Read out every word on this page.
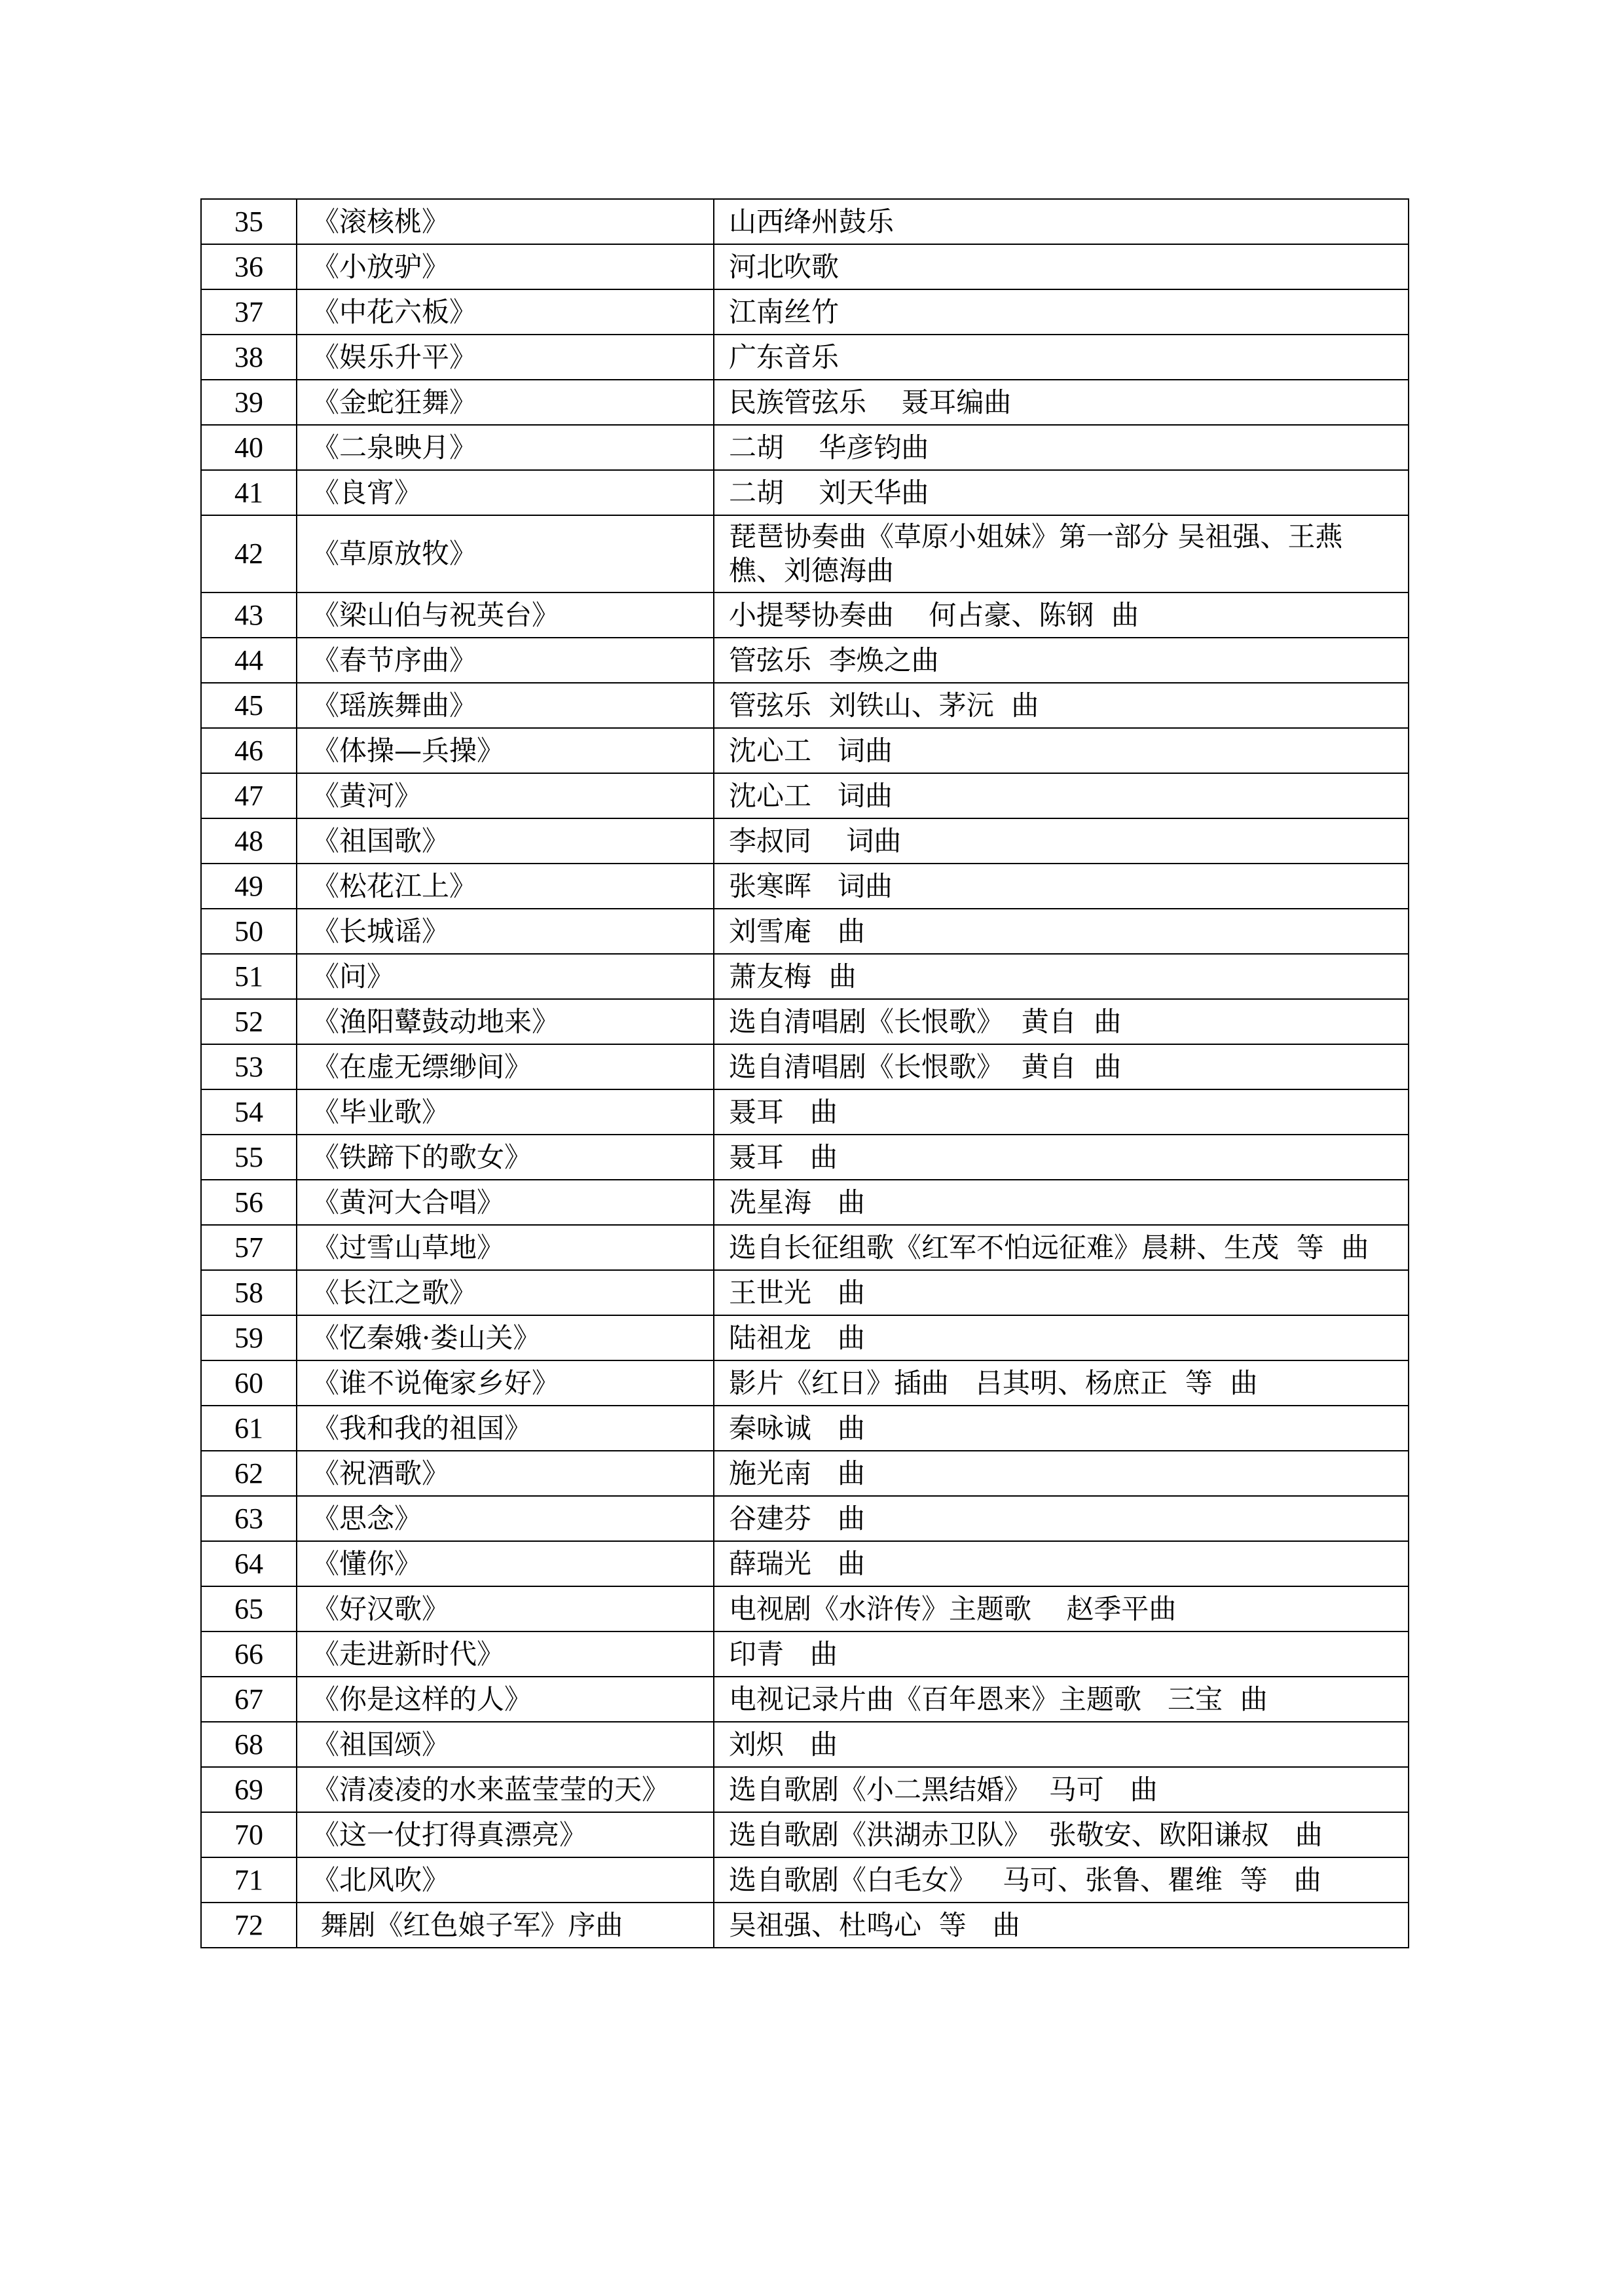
35	《滚核桃》	山西绛州鼓乐
36	《小放驴》	河北吹歌
37	《中花六板》	江南丝竹
38	《娱乐升平》	广东音乐
39	《金蛇狂舞》	民族管弦乐    聂耳编曲
40	《二泉映月》	二胡    华彦钧曲
41	《良宵》	二胡    刘天华曲
42	《草原放牧》	琵琶协奏曲《草原小姐妹》第一部分 吴祖强、王燕樵、刘德海曲
43	《梁山伯与祝英台》	小提琴协奏曲    何占豪、陈钢  曲
44	《春节序曲》	管弦乐  李焕之曲
45	《瑶族舞曲》	管弦乐  刘铁山、茅沅  曲
46	《体操—兵操》	沈心工   词曲
47	《黄河》	沈心工   词曲
48	《祖国歌》	李叔同    词曲
49	《松花江上》	张寒晖   词曲
50	《长城谣》	刘雪庵   曲
51	《问》	萧友梅  曲
52	《渔阳鼙鼓动地来》	选自清唱剧《长恨歌》  黄自  曲
53	《在虚无缥缈间》	选自清唱剧《长恨歌》  黄自  曲
54	《毕业歌》	聂耳   曲
55	《铁蹄下的歌女》	聂耳   曲
56	《黄河大合唱》	冼星海   曲
57	《过雪山草地》	选自长征组歌《红军不怕远征难》晨耕、生茂  等  曲
58	《长江之歌》	王世光   曲
59	《忆秦娥·娄山关》	陆祖龙   曲
60	《谁不说俺家乡好》	影片《红日》插曲   吕其明、杨庶正  等  曲
61	《我和我的祖国》	秦咏诚   曲
62	《祝酒歌》	施光南   曲
63	《思念》	谷建芬   曲
64	《懂你》	薛瑞光   曲
65	《好汉歌》	电视剧《水浒传》主题歌    赵季平曲
66	《走进新时代》	印青   曲
67	《你是这样的人》	电视记录片曲《百年恩来》主题歌   三宝  曲
68	《祖国颂》	刘炽   曲
69	《清凌凌的水来蓝莹莹的天》	选自歌剧《小二黑结婚》  马可   曲
70	《这一仗打得真漂亮》	选自歌剧《洪湖赤卫队》  张敬安、欧阳谦叔   曲
71	《北风吹》	选自歌剧《白毛女》   马可、张鲁、瞿维  等   曲
72	舞剧《红色娘子军》序曲	吴祖强、杜鸣心  等   曲
